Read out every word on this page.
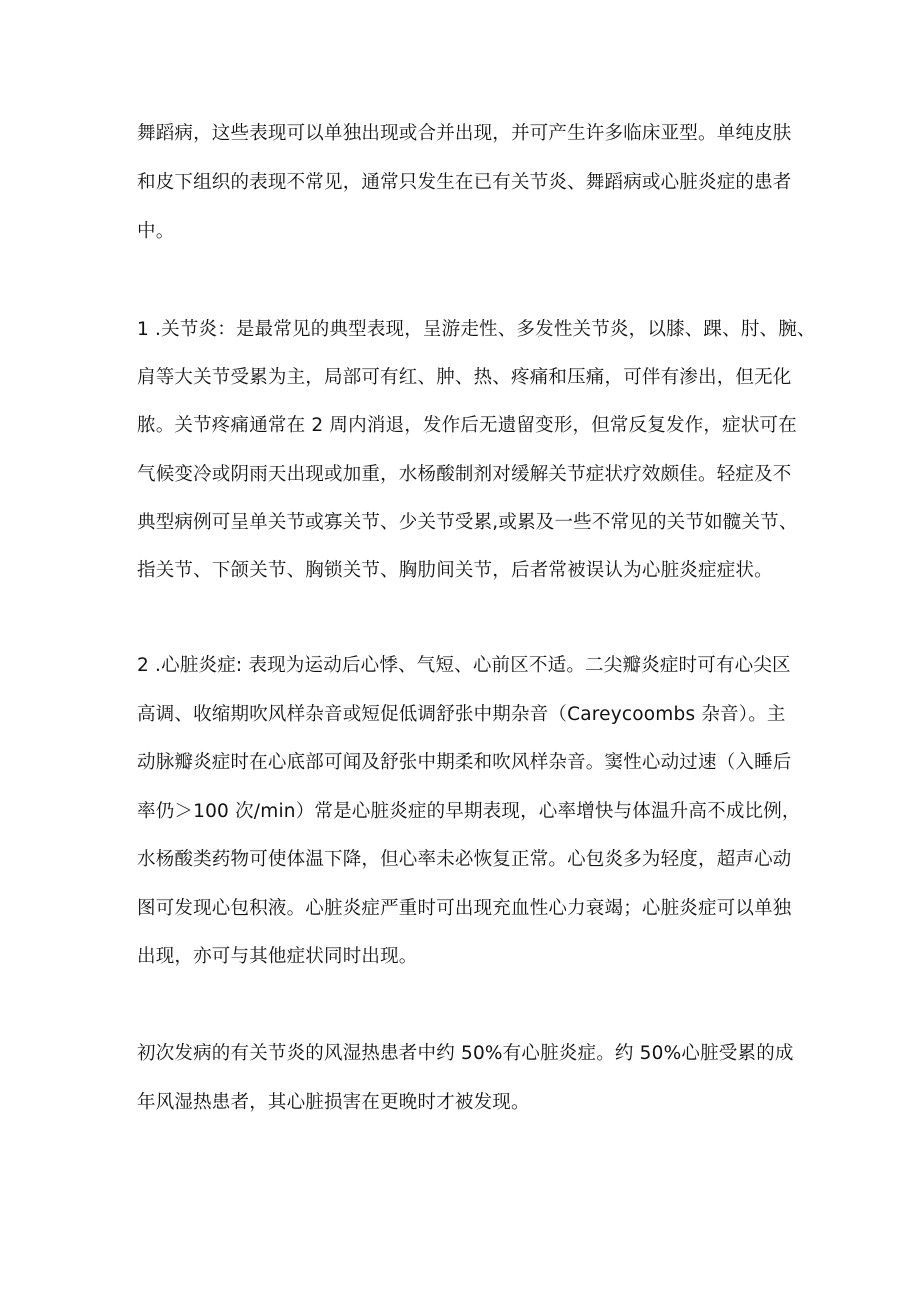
舞蹈病，这些表现可以单独出现或合并出现，并可产生许多临床亚型。单纯皮肤
和皮下组织的表现不常见，通常只发生在已有关节炎、舞蹈病或心脏炎症的患者
中。
1 .关节炎：是最常见的典型表现，呈游走性、多发性关节炎，以膝、踝、肘、腕、
肩等大关节受累为主，局部可有红、肿、热、疼痛和压痛，可伴有渗出，但无化
脓。关节疼痛通常在 2 周内消退，发作后无遗留变形，但常反复发作，症状可在
气候变冷或阴雨天出现或加重，水杨酸制剂对缓解关节症状疗效颇佳。轻症及不
典型病例可呈单关节或寡关节、少关节受累,或累及一些不常见的关节如髋关节、
指关节、下颌关节、胸锁关节、胸肋间关节，后者常被误认为心脏炎症症状。
2 .心脏炎症: 表现为运动后心悸、气短、心前区不适。二尖瓣炎症时可有心尖区
高调、收缩期吹风样杂音或短促低调舒张中期杂音（Careycoombs 杂音）。主
动脉瓣炎症时在心底部可闻及舒张中期柔和吹风样杂音。窦性心动过速（入睡后
率仍＞100 次/min）常是心脏炎症的早期表现，心率增快与体温升高不成比例，
水杨酸类药物可使体温下降，但心率未必恢复正常。心包炎多为轻度，超声心动
图可发现心包积液。心脏炎症严重时可出现充血性心力衰竭；心脏炎症可以单独
出现，亦可与其他症状同时出现。
初次发病的有关节炎的风湿热患者中约 50%有心脏炎症。约 50%心脏受累的成
年风湿热患者，其心脏损害在更晚时才被发现。
